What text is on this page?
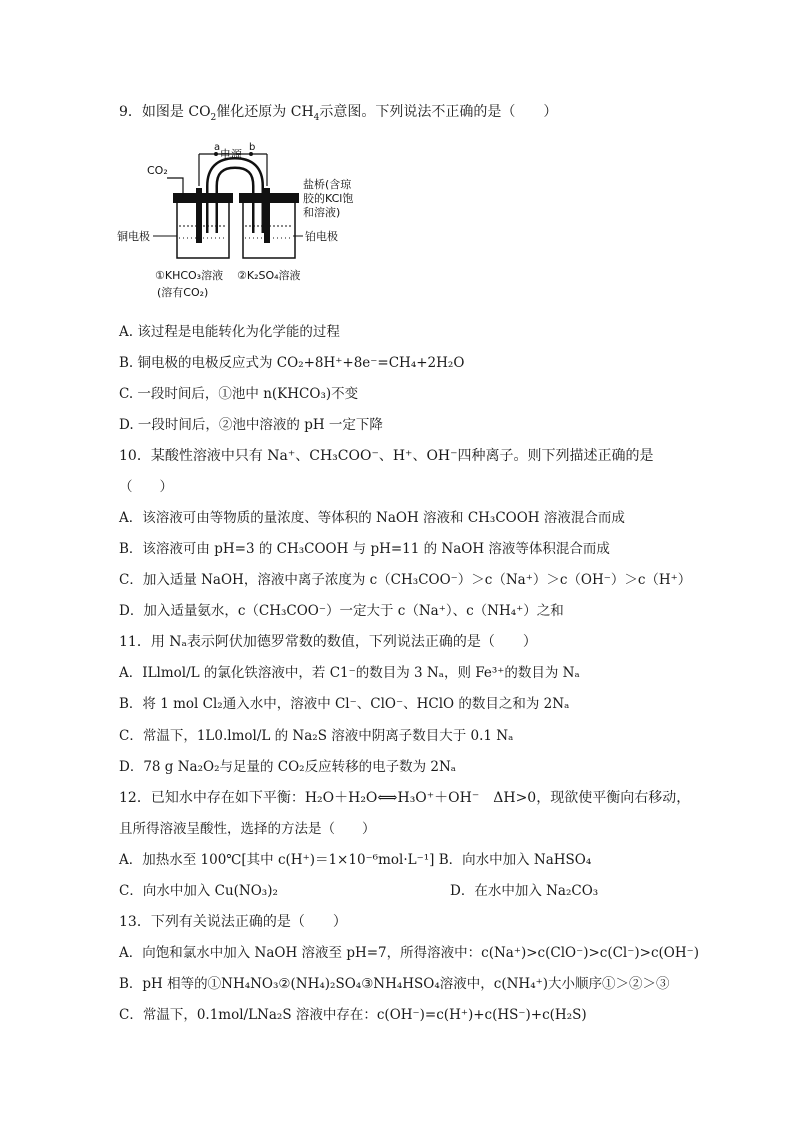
9．如图是 $CO_2$催化还原为 $CH_4$示意图。下列说法不正确的是（　　）
a	b
电源
CO₂
盐桥(含琼
胶的KCl饱
和溶液)
铂电极
铜电极
①KHCO₃溶液
(溶有CO₂)
②K₂SO₄溶液
A. 该过程是电能转化为化学能的过程
B. 铜电极的电极反应式为 CO₂+8H⁺+8e⁻=CH₄+2H₂O
C. 一段时间后，①池中 n(KHCO₃)不变
D. 一段时间后，②池中溶液的 pH 一定下降
10．某酸性溶液中只有 Na⁺、CH₃COO⁻、H⁺、OH⁻四种离子。则下列描述正确的是
（　　）
A．该溶液可由等物质的量浓度、等体积的 NaOH 溶液和 CH₃COOH 溶液混合而成
B．该溶液可由 pH=3 的 CH₃COOH 与 pH=11 的 NaOH 溶液等体积混合而成
C．加入适量 NaOH，溶液中离子浓度为 c（CH₃COO⁻）＞c（Na⁺）＞c（OH⁻）＞c（H⁺）
D．加入适量氨水，c（CH₃COO⁻）一定大于 c（Na⁺）、c（NH₄⁺）之和
11．用 Nₐ表示阿伏加德罗常数的数值，下列说法正确的是（　　）
A．ILlmol/L 的氯化铁溶液中，若 C1⁻的数目为 3 Nₐ，则 Fe³⁺的数目为 Nₐ
B．将 1 mol Cl₂通入水中，溶液中 Cl⁻、ClO⁻、HClO 的数目之和为 2Nₐ
C．常温下，1L0.lmol/L 的 Na₂S 溶液中阴离子数目大于 0.1 Nₐ
D．78 g Na₂O₂与足量的 CO₂反应转移的电子数为 2Nₐ
12．已知水中存在如下平衡：H₂O＋H₂O⟺H₃O⁺＋OH⁻　ΔH>0，现欲使平衡向右移动，
且所得溶液呈酸性，选择的方法是（　　）
A．加热水至 100℃[其中 c(H⁺)＝1×10⁻⁶mol·L⁻¹] B．向水中加入 NaHSO₄
C．向水中加入 Cu(NO₃)₂	D．在水中加入 Na₂CO₃
13．下列有关说法正确的是（　　）
A．向饱和氯水中加入 NaOH 溶液至 pH=7，所得溶液中：c(Na⁺)>c(ClO⁻)>c(Cl⁻)>c(OH⁻)
B．pH 相等的①NH₄NO₃②(NH₄)₂SO₄③NH₄HSO₄溶液中，c(NH₄⁺)大小顺序①＞②＞③
C．常温下，0.1mol/LNa₂S 溶液中存在：c(OH⁻)=c(H⁺)+c(HS⁻)+c(H₂S)
